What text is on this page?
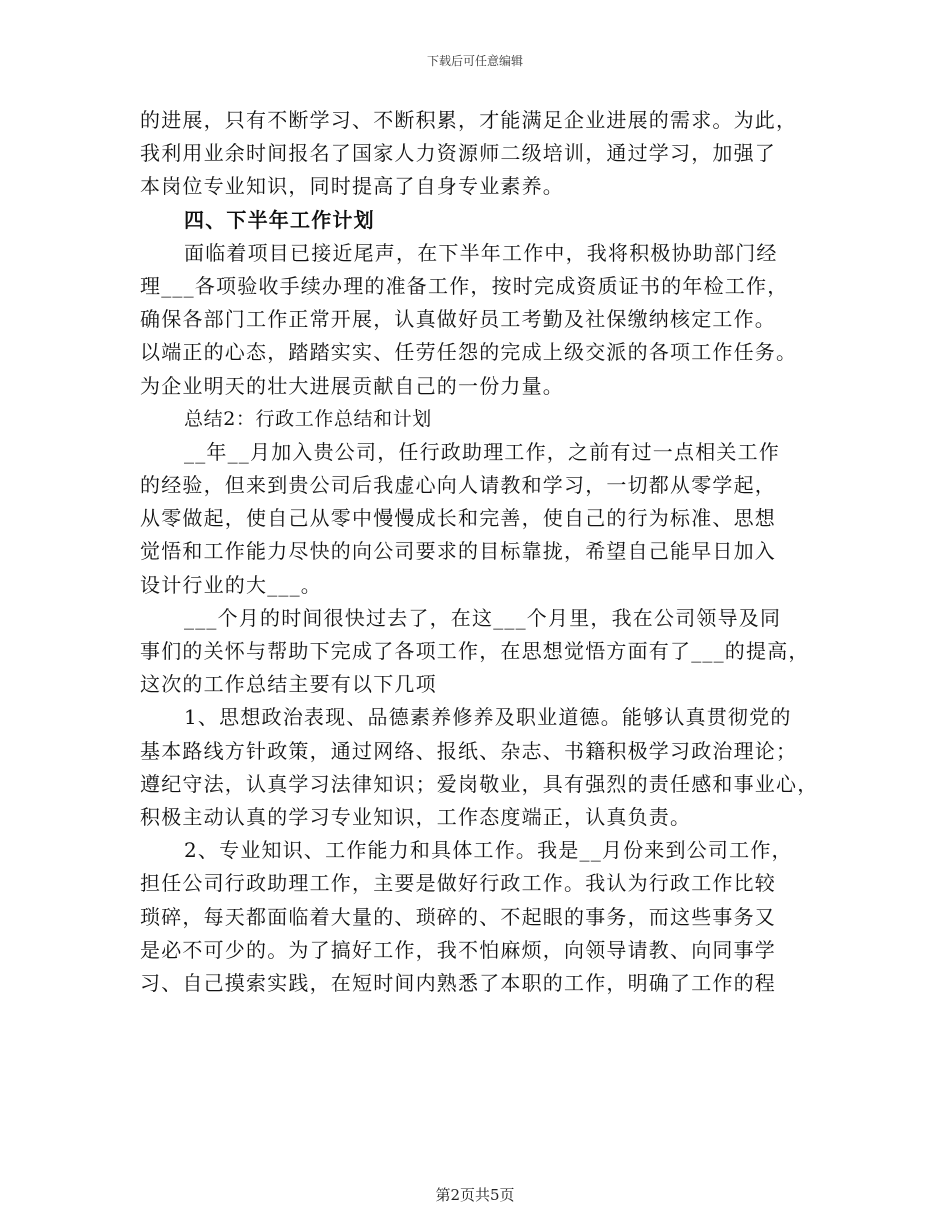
下载后可任意编辑
的进展，只有不断学习、不断积累，才能满足企业进展的需求。为此，
我利用业余时间报名了国家人力资源师二级培训，通过学习，加强了
本岗位专业知识，同时提高了自身专业素养。
四、下半年工作计划
面临着项目已接近尾声，在下半年工作中，我将积极协助部门经
理___各项验收手续办理的准备工作，按时完成资质证书的年检工作，
确保各部门工作正常开展，认真做好员工考勤及社保缴纳核定工作。
以端正的心态，踏踏实实、任劳任怨的完成上级交派的各项工作任务。
为企业明天的壮大进展贡献自己的一份力量。
总结2：行政工作总结和计划
__年__月加入贵公司，任行政助理工作，之前有过一点相关工作
的经验，但来到贵公司后我虚心向人请教和学习，一切都从零学起，
从零做起，使自己从零中慢慢成长和完善，使自己的行为标准、思想
觉悟和工作能力尽快的向公司要求的目标靠拢，希望自己能早日加入
设计行业的大___。
___个月的时间很快过去了，在这___个月里，我在公司领导及同
事们的关怀与帮助下完成了各项工作，在思想觉悟方面有了___的提高，
这次的工作总结主要有以下几项
1、思想政治表现、品德素养修养及职业道德。能够认真贯彻党的
基本路线方针政策，通过网络、报纸、杂志、书籍积极学习政治理论；
遵纪守法，认真学习法律知识；爱岗敬业，具有强烈的责任感和事业心，
积极主动认真的学习专业知识，工作态度端正，认真负责。
2、专业知识、工作能力和具体工作。我是__月份来到公司工作，
担任公司行政助理工作，主要是做好行政工作。我认为行政工作比较
琐碎，每天都面临着大量的、琐碎的、不起眼的事务，而这些事务又
是必不可少的。为了搞好工作，我不怕麻烦，向领导请教、向同事学
习、自己摸索实践，在短时间内熟悉了本职的工作，明确了工作的程
第2页共5页
